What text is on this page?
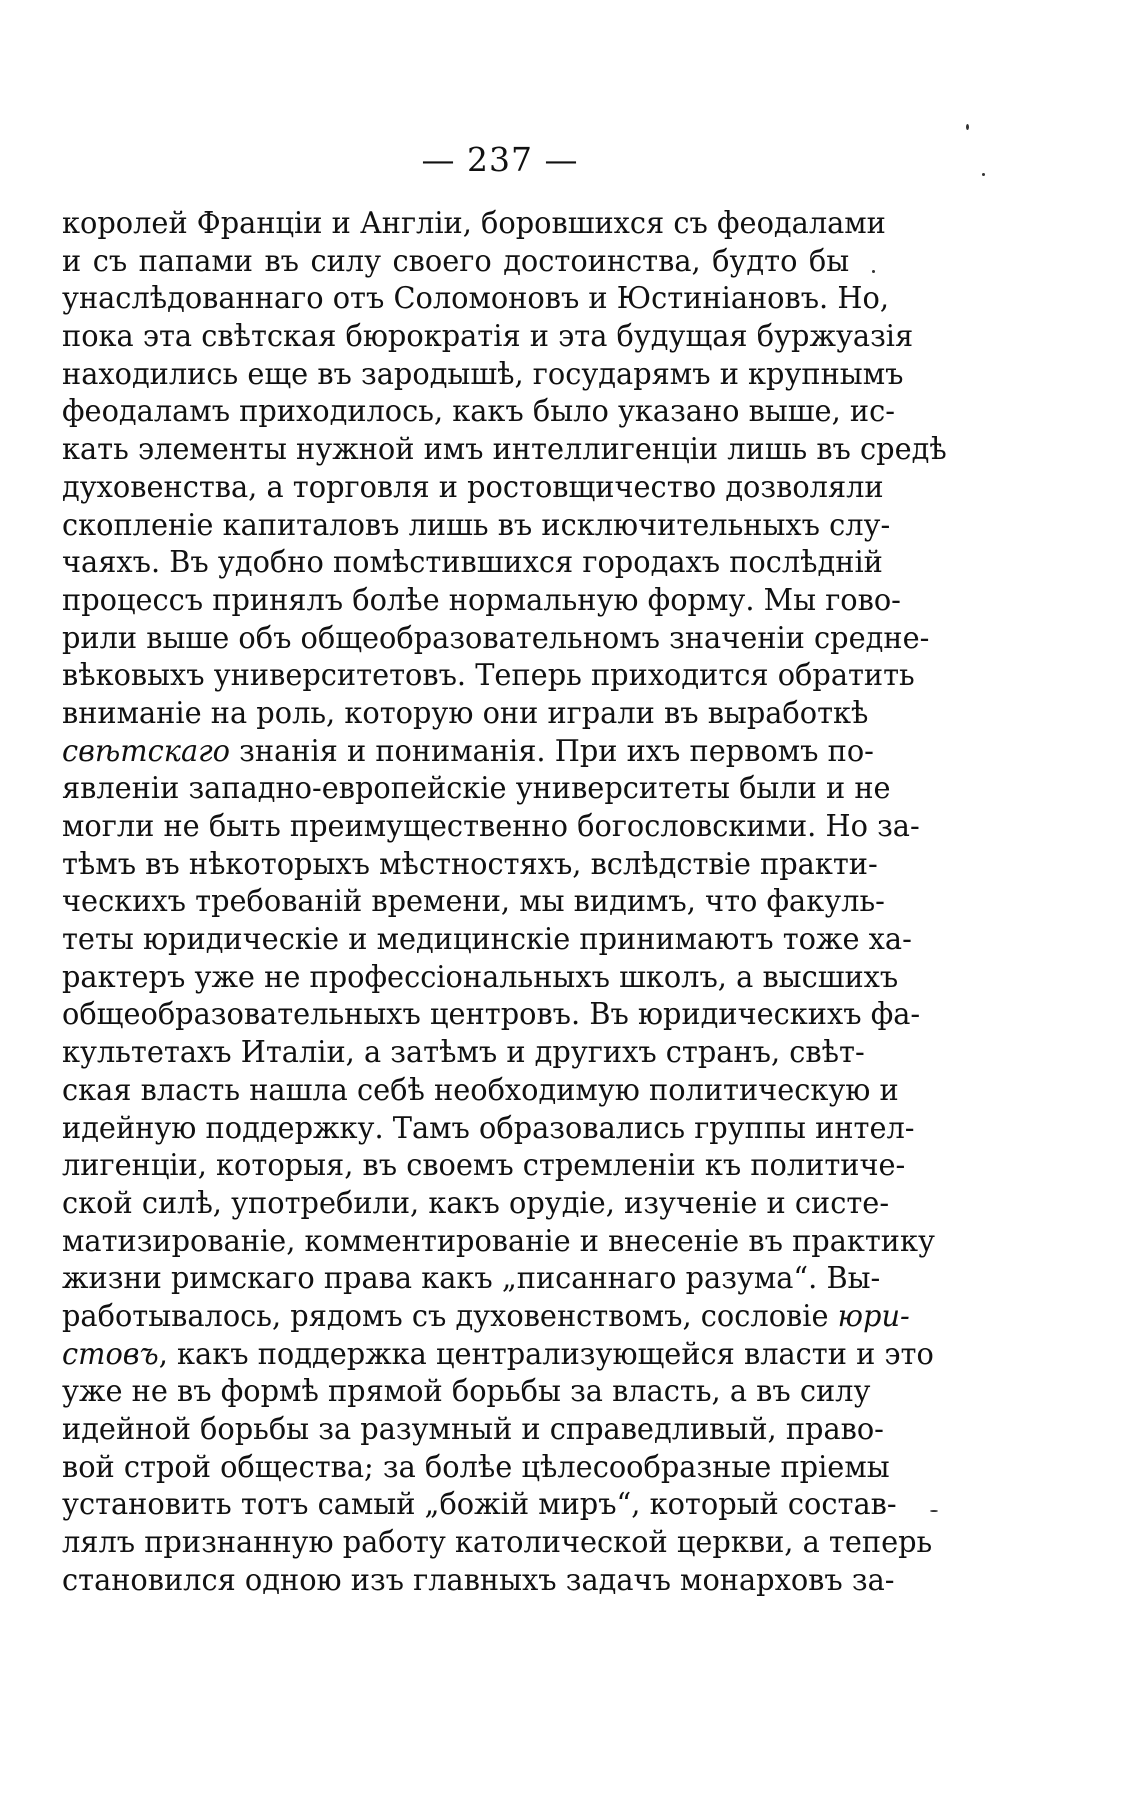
— 237 —
королей Франціи и Англіи, боровшихся съ феодалами
и съ папами въ силу своего достоинства, будто бы
унаслѣдованнаго отъ Соломоновъ и Юстиніановъ. Но,
пока эта свѣтская бюрократія и эта будущая буржуазія
находились еще въ зародышѣ, государямъ и крупнымъ
феодаламъ приходилось, какъ было указано выше, ис-
кать элементы нужной имъ интеллигенціи лишь въ средѣ
духовенства, а торговля и ростовщичество дозволяли
скопленіе капиталовъ лишь въ исключительныхъ слу-
чаяхъ. Въ удобно помѣстившихся городахъ послѣдній
процессъ принялъ болѣе нормальную форму. Мы гово-
рили выше объ общеобразовательномъ значеніи средне-
вѣковыхъ университетовъ. Теперь приходится обратить
вниманіе на роль, которую они играли въ выработкѣ
свѣтскаго знанія и пониманія. При ихъ первомъ по-
явленіи западно-европейскіе университеты были и не
могли не быть преимущественно богословскими. Но за-
тѣмъ въ нѣкоторыхъ мѣстностяхъ, вслѣдствіе практи-
ческихъ требованій времени, мы видимъ, что факуль-
теты юридическіе и медицинскіе принимаютъ тоже ха-
рактеръ уже не профессіональныхъ школъ, а высшихъ
общеобразовательныхъ центровъ. Въ юридическихъ фа-
культетахъ Италіи, а затѣмъ и другихъ странъ, свѣт-
ская власть нашла себѣ необходимую политическую и
идейную поддержку. Тамъ образовались группы интел-
лигенціи, которыя, въ своемъ стремленіи къ политиче-
ской силѣ, употребили, какъ орудіе, изученіе и систе-
матизированіе, комментированіе и внесеніе въ практику
жизни римскаго права какъ „писаннаго разума“. Вы-
работывалось, рядомъ съ духовенствомъ, сословіе юри-
стовъ, какъ поддержка централизующейся власти и это
уже не въ формѣ прямой борьбы за власть, а въ силу
идейной борьбы за разумный и справедливый, право-
вой строй общества; за болѣе цѣлесообразные пріемы
установить тотъ самый „божій миръ“, который состав-
лялъ признанную работу католической церкви, а теперь
становился одною изъ главныхъ задачъ монарховъ за-
